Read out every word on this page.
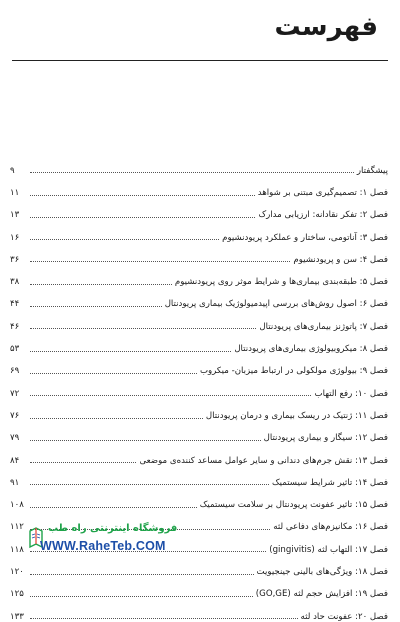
فهرست
پیشگفتار
۹
فصل ۱: تصمیم‌گیری مبتنی بر شواهد
۱۱
فصل ۲: تفکر نقادانه: ارزیابی مدارک
۱۳
فصل ۳: آناتومی، ساختار و عملکرد پریودنشیوم
۱۶
فصل ۴: سن و پریودنشیوم
۳۶
فصل ۵: طبقه‌بندی بیماری‌ها و شرایط موثر روی پریودنشیوم
۳۸
فصل ۶: اصول روش‌های بررسی اپیدمیولوژیک بیماری پریودنتال
۴۴
فصل ۷: پاتوژنز بیماری‌های پریودنتال
۴۶
فصل ۸: میکروبیولوژی بیماری‌های پریودنتال
۵۳
فصل ۹: بیولوژی مولکولی در ارتباط میزبان- میکروب
۶۹
فصل ۱۰: رفع التهاب
۷۲
فصل ۱۱: ژنتیک در ریسک بیماری و درمان پریودنتال
۷۶
فصل ۱۲: سیگار و بیماری پریودنتال
۷۹
فصل ۱۳: نقش جرم‌های دندانی و سایر عوامل مساعد کننده‌ی موضعی
۸۴
فصل ۱۴: تاثیر شرایط سیستمیک
۹۱
فصل ۱۵: تاثیر عفونت پریودنتال بر سلامت سیستمیک
۱۰۸
فصل ۱۶: مکانیزم‌های دفاعی لثه
۱۱۲
فصل ۱۷: التهاب لثه (gingivitis)
۱۱۸
فصل ۱۸: ویژگی‌های بالینی جینجیویت
۱۲۰
فصل ۱۹: افزایش حجم لثه (GO,GE)
۱۲۵
فصل ۲۰: عفونت حاد لثه
۱۳۳
فروشگاه اینترنتی راه طب
WWW.RaheTeb.COM
